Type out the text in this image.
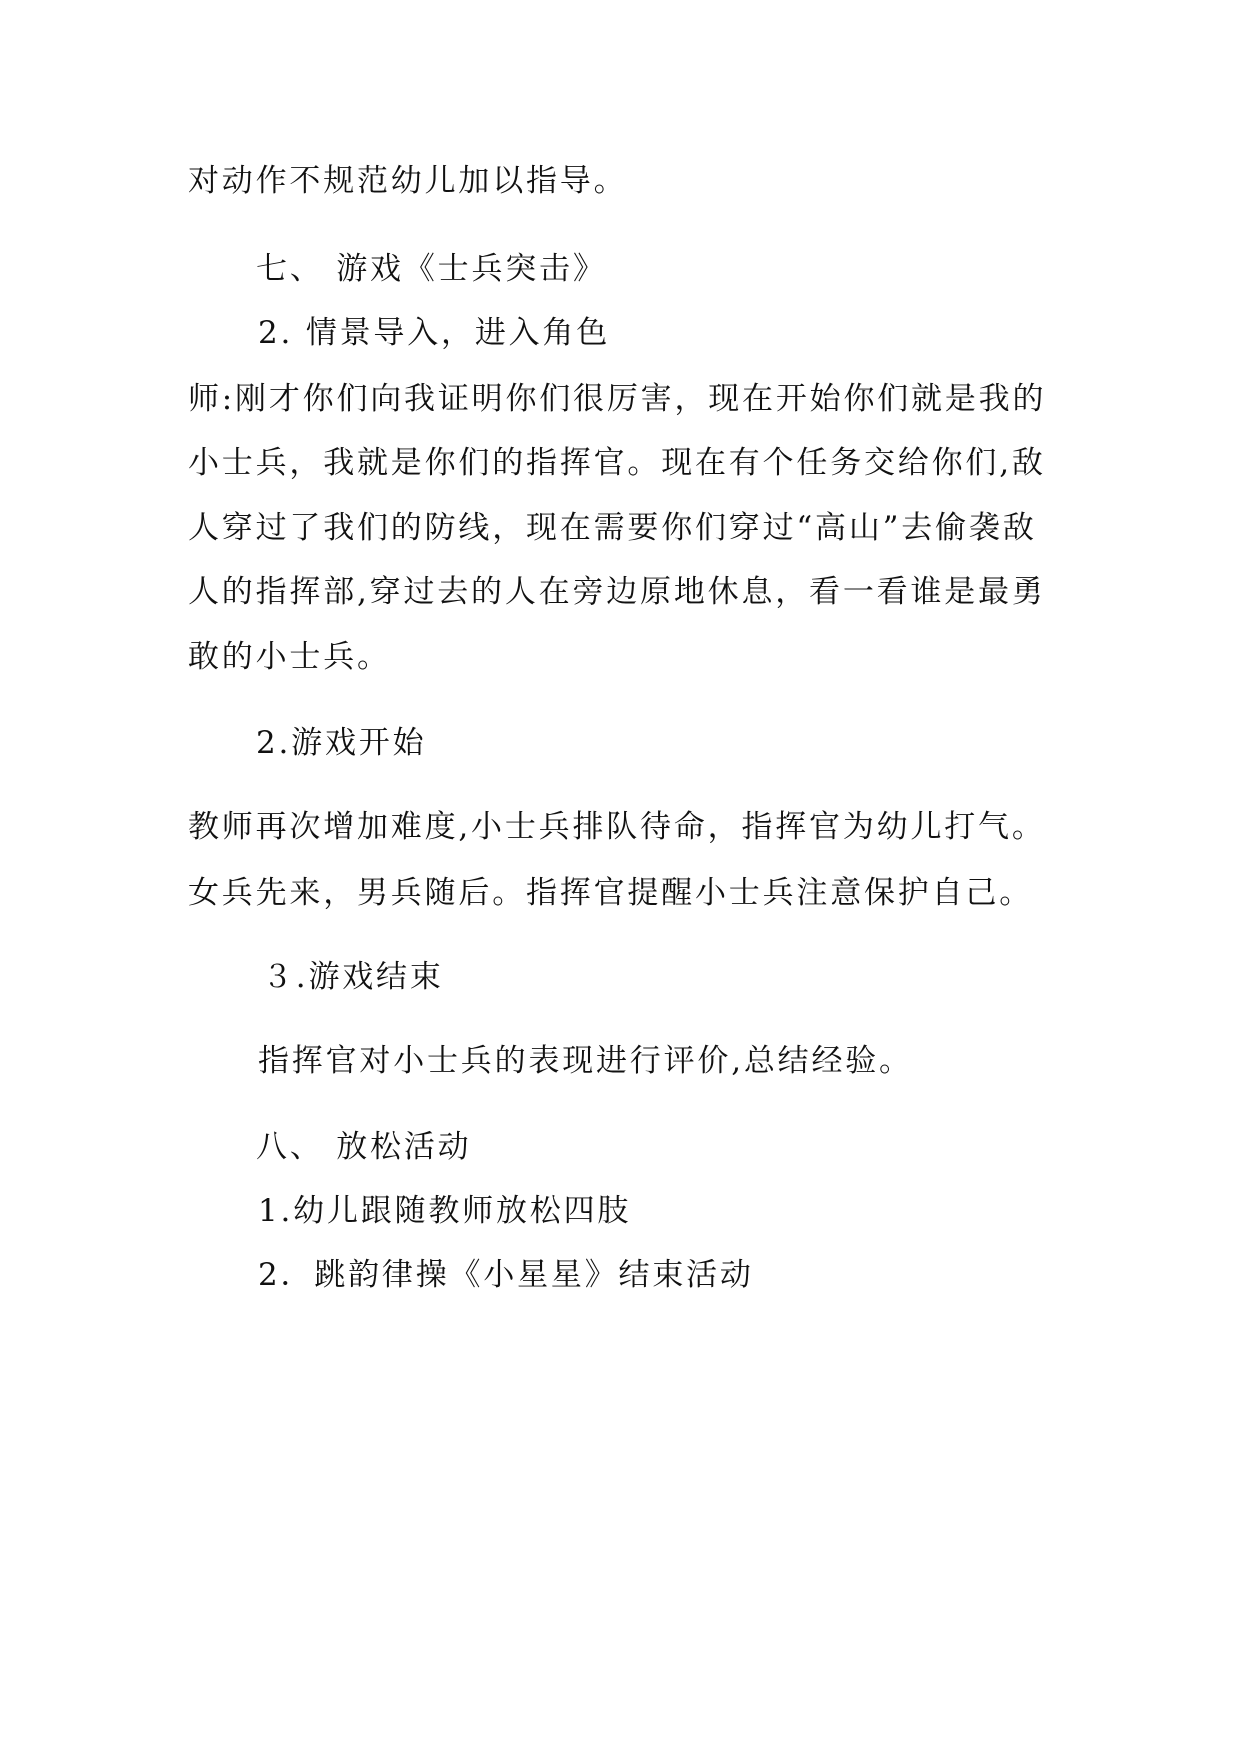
对动作不规范幼儿加以指导。
七、 游戏《士兵突击》
2. 情景导入，进入角色
师:刚才你们向我证明你们很厉害，现在开始你们就是我的
小士兵，我就是你们的指挥官。现在有个任务交给你们,敌
人穿过了我们的防线，现在需要你们穿过“高山”去偷袭敌
人的指挥部,穿过去的人在旁边原地休息，看一看谁是最勇
敢的小士兵。
2.游戏开始
教师再次增加难度,小士兵排队待命，指挥官为幼儿打气。
女兵先来，男兵随后。指挥官提醒小士兵注意保护自己。
３.游戏结束
指挥官对小士兵的表现进行评价,总结经验。
八、 放松活动
1.幼儿跟随教师放松四肢
2．跳韵律操《小星星》结束活动
